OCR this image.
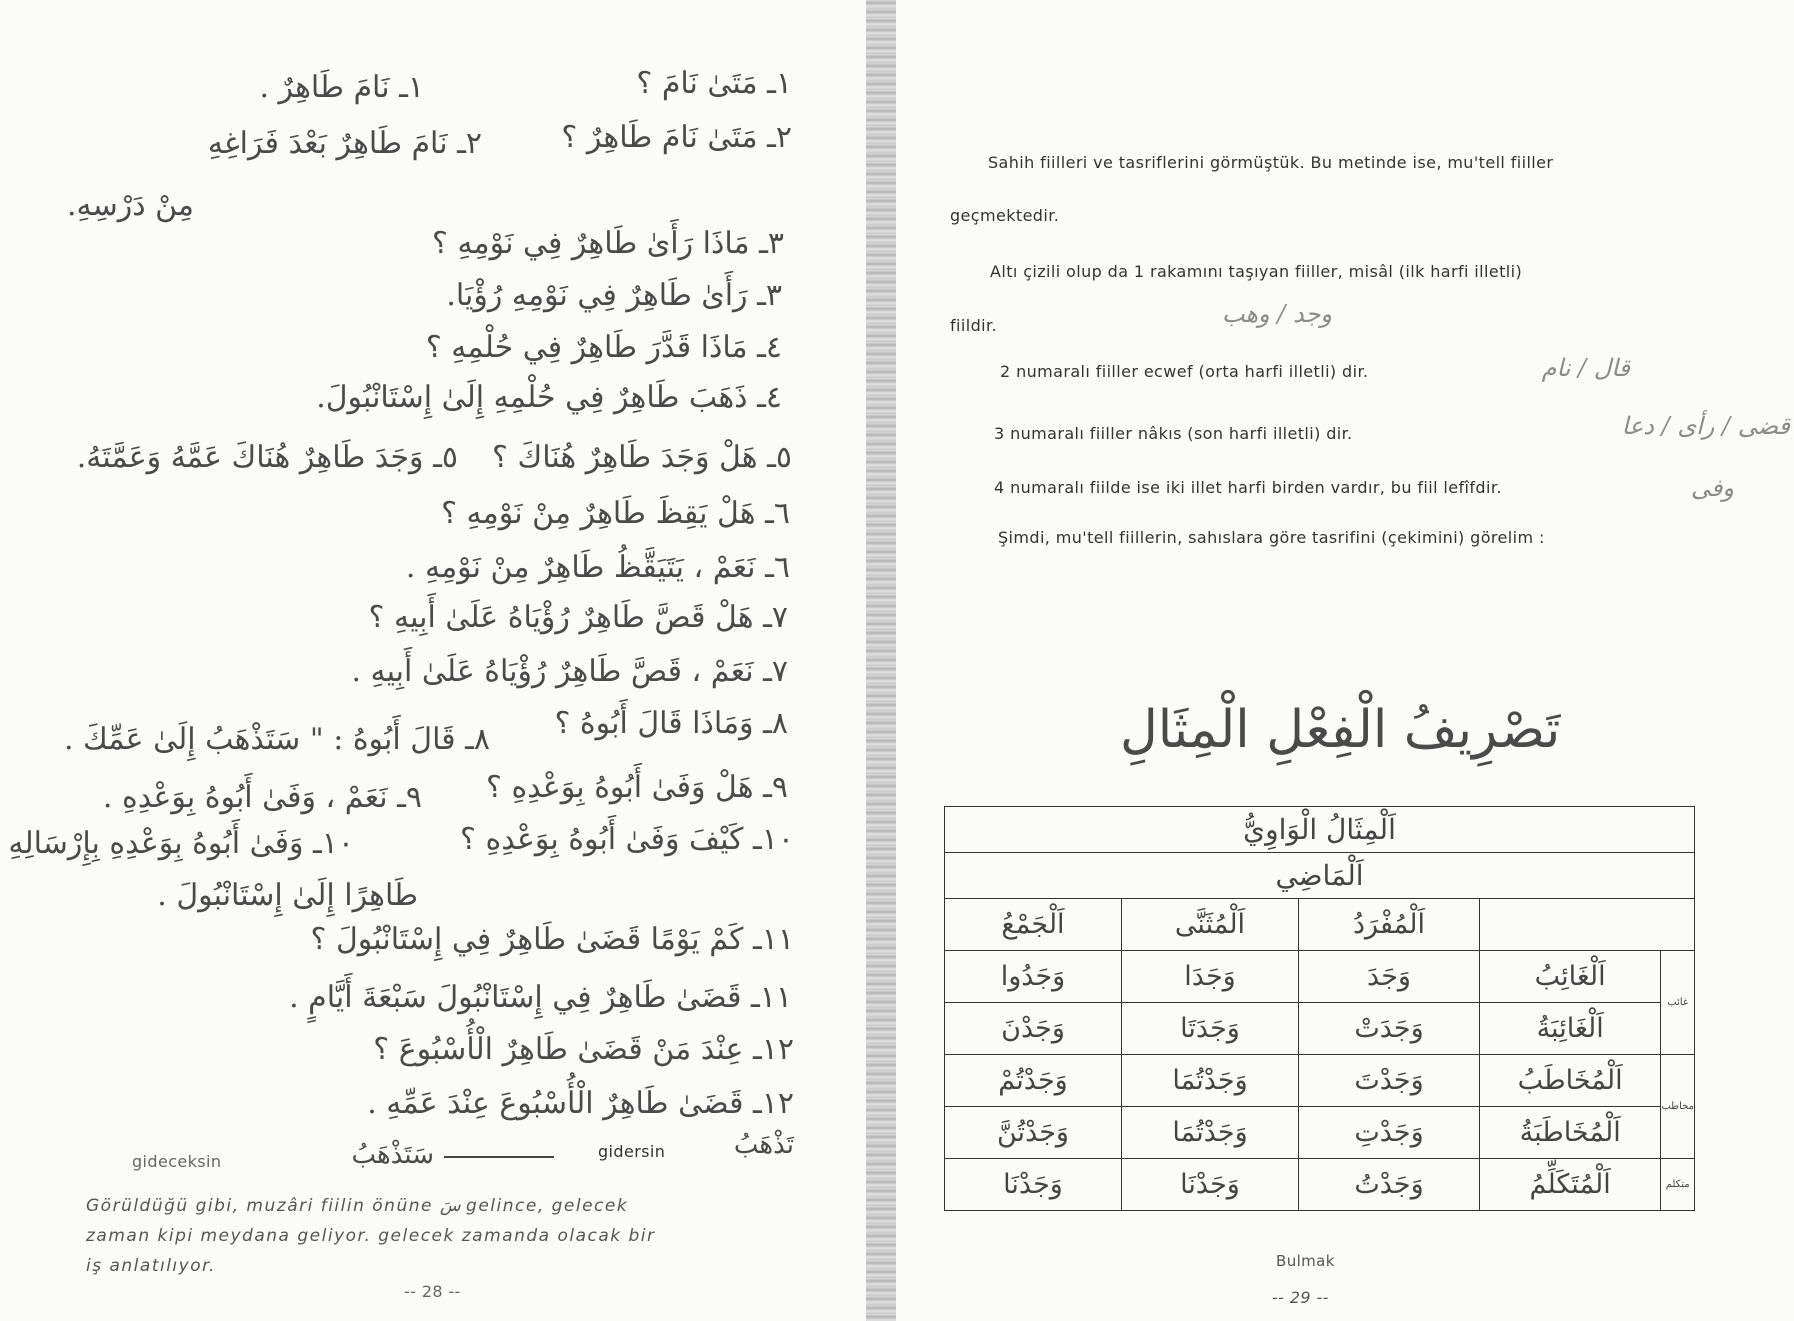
١ـ مَتَىٰ نَامَ ؟
١ـ نَامَ طَاهِرٌ .
٢ـ مَتَىٰ نَامَ طَاهِرٌ ؟
٢ـ نَامَ طَاهِرٌ بَعْدَ فَرَاغِهِ
مِنْ دَرْسِهِ.
٣ـ مَاذَا رَأَىٰ طَاهِرٌ فِي نَوْمِهِ ؟
٣ـ رَأَىٰ طَاهِرٌ فِي نَوْمِهِ رُؤْيَا.
٤ـ مَاذَا قَدَّرَ طَاهِرٌ فِي حُلْمِهِ ؟
٤ـ ذَهَبَ طَاهِرٌ فِي حُلْمِهِ إِلَىٰ إِسْتَانْبُولَ.
٥ـ هَلْ وَجَدَ طَاهِرٌ هُنَاكَ ؟
٥ـ وَجَدَ طَاهِرٌ هُنَاكَ عَمَّهُ وَعَمَّتَهُ.
٦ـ هَلْ يَقِظَ طَاهِرٌ مِنْ نَوْمِهِ ؟
٦ـ نَعَمْ ، يَتَيَقَّظُ طَاهِرٌ مِنْ نَوْمِهِ .
٧ـ هَلْ قَصَّ طَاهِرٌ رُؤْيَاهُ عَلَىٰ أَبِيهِ ؟
٧ـ نَعَمْ ، قَصَّ طَاهِرٌ رُؤْيَاهُ عَلَىٰ أَبِيهِ .
٨ـ وَمَاذَا قَالَ أَبُوهُ ؟
٨ـ قَالَ أَبُوهُ : " سَتَذْهَبُ إِلَىٰ عَمِّكَ .
٩ـ هَلْ وَفَىٰ أَبُوهُ بِوَعْدِهِ ؟
٩ـ نَعَمْ ، وَفَىٰ أَبُوهُ بِوَعْدِهِ .
١٠ـ كَيْفَ وَفَىٰ أَبُوهُ بِوَعْدِهِ ؟
١٠ـ وَفَىٰ أَبُوهُ بِوَعْدِهِ بِإِرْسَالِهِ
طَاهِرًا إِلَىٰ إِسْتَانْبُولَ .
١١ـ كَمْ يَوْمًا قَضَىٰ طَاهِرٌ فِي إِسْتَانْبُولَ ؟
١١ـ قَضَىٰ طَاهِرٌ فِي إِسْتَانْبُولَ سَبْعَةَ أَيَّامٍ .
١٢ـ عِنْدَ مَنْ قَضَىٰ طَاهِرٌ الْأُسْبُوعَ ؟
١٢ـ قَضَىٰ طَاهِرٌ الْأُسْبُوعَ عِنْدَ عَمِّهِ .
gideceksin	سَتَذْهَبُ	gidersin	تَذْهَبُ
Görüldüğü gibi, muzâri fiilin önüne سَ gelince, gelecek
zaman kipi meydana geliyor. gelecek zamanda olacak bir
iş anlatılıyor.
-- 28 --
Sahih fiilleri ve tasriflerini görmüştük. Bu metinde ise, mu'tell fiiller
geçmektedir.
Altı çizili olup da 1 rakamını taşıyan fiiller, misâl (ilk harfi illetli)
fiildir.
2 numaralı fiiller ecwef (orta harfi illetli) dir.
3 numaralı fiiller nâkıs (son harfi illetli) dir.
4 numaralı fiilde ise iki illet harfi birden vardır, bu fiil lefîfdir.
Şimdi, mu'tell fiillerin, sahıslara göre tasrifini (çekimini) görelim :
وجد / وهب
قال / نام
قضى / رأى / دعا
وفى
تَصْرِيفُ الْفِعْلِ الْمِثَالِ
اَلْمِثَالُ الْوَاوِيُّ				
اَلْمَاضِي				
اَلْجَمْعُ	اَلْمُثَنَّى	اَلْمُفْرَدُ		
وَجَدُوا	وَجَدَا	وَجَدَ	اَلْغَائِبُ	غائب
وَجَدْنَ	وَجَدَتَا	وَجَدَتْ	اَلْغَائِبَةُ	
وَجَدْتُمْ	وَجَدْتُمَا	وَجَدْتَ	اَلْمُخَاطَبُ	مخاطب
وَجَدْتُنَّ	وَجَدْتُمَا	وَجَدْتِ	اَلْمُخَاطَبَةُ	
وَجَدْنَا	وَجَدْنَا	وَجَدْتُ	اَلْمُتَكَلِّمُ	متكلم
Bulmak
-- 29 --
